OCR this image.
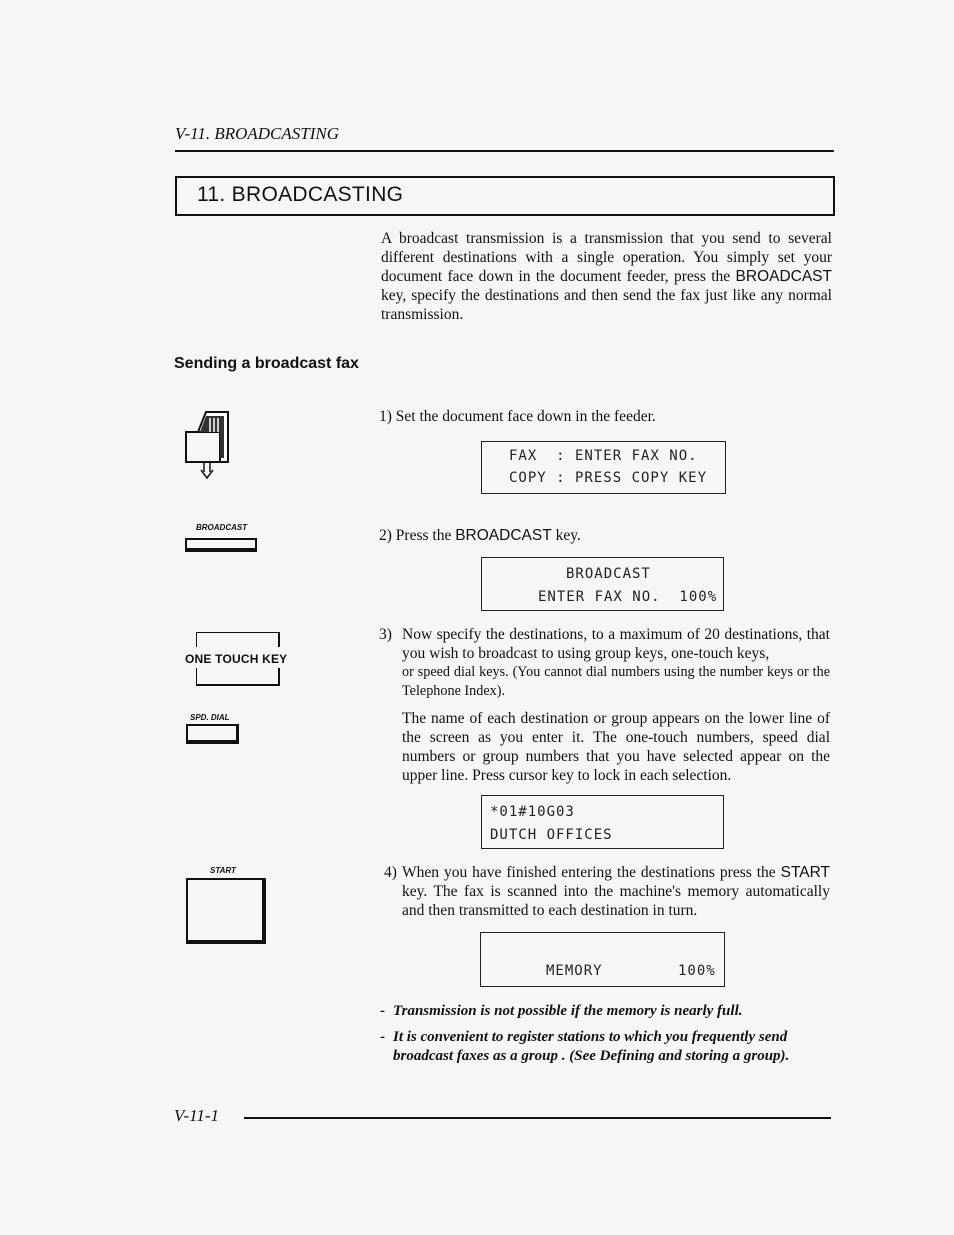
V-11. BROADCASTING
11. BROADCASTING
A broadcast transmission is a transmission that you send to several different destinations with a single operation. You simply set your document face down in the document feeder, press the BROADCAST key, specify the destinations and then send the fax just like any normal transmission.
Sending a broadcast fax
1) Set the document face down in the feeder.
FAX  : ENTER FAX NO.
COPY : PRESS COPY KEY
BROADCAST	2) Press the BROADCAST key.
BROADCAST
ENTER FAX NO.  100%
ONE TOUCH KEY
SPD. DIAL
3) Now specify the destinations, to a maximum of 20 destinations, that you wish to broadcast to using group keys, one-touch keys,
or speed dial keys. (You cannot dial numbers using the number keys or the Telephone Index).
The name of each destination or group appears on the lower line of the screen as you enter it. The one-touch numbers, speed dial numbers or group numbers that you have selected appear on the upper line. Press cursor key to lock in each selection.
*01#10G03
DUTCH OFFICES
START	4) When you have finished entering the destinations press the START key. The fax is scanned into the machine's memory automatically and then transmitted to each destination in turn.
MEMORY        100%
- Transmission is not possible if the memory is nearly full.
- It is convenient to register stations to which you frequently send broadcast faxes as a group . (See Defining and storing a group).
V-11-1
